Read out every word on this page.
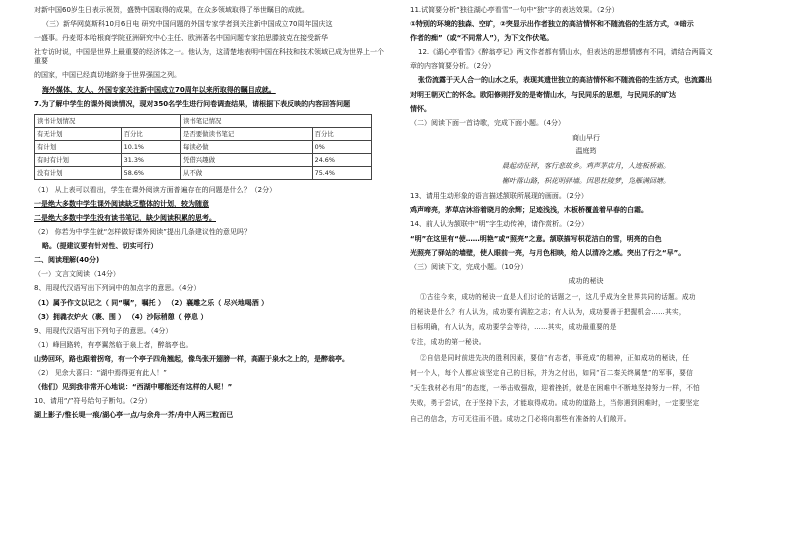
对新中国60岁生日表示祝贺，盛赞中国取得的成果，在众多领域取得了举世瞩目的成就。

（三）新华网莫斯科10月6日电 研究中国问题的外国专家学者到关注新中国成立70周年国庆这

一盛事。丹麦哥本哈根商学院亚洲研究中心主任、欧洲著名中国问题专家拍思滕波克在接受新华

社专访时说，中国是世界上最重要的经济体之一。他认为，这清楚地表明中国在科技和技术领域已成为世界上一个重要

的国家，中国已经真切地跻身于世界强国之列。

海外媒体、友人、外国专家关注新中国成立70周年以来所取得的瞩目成就。

7.为了解中学生的课外阅读情况，现对350名学生进行问卷调查结果，请根据下表反映的内容回答问题

读书计划情况		读书笔记情况	
有无计划	百分比	是否要做读书笔记	百分比
有计划	10.1%	每读必做	0%
有时有计划	31.3%	凭借兴趣做	24.6%
没有计划	58.6%	从不做	75.4%

（1） 从上表可以看出，学生在课外阅读方面普遍存在的问题是什么？（2分）

一是绝大多数中学生课外阅读缺乏整体的计划，较为随意

二是绝大多数中学生没有读书笔记，缺少阅读积累的思考。

（2） 你若为中学生就“怎样做好课外阅读”提出几条建议性的意见吗？

略。（提建议要有针对性、切实可行）

二、阅读理解(40分)

（一）文言文阅读（14分）

8、用现代汉语写出下列词中的加点字的意思。（4分）

（1）属予作文以记之（ 同“嘱”，嘱托 ） （2）襄雕之乐（ 尽兴地喝酒 ）

（3）拥毳衣炉火（裹、围 ） （4）沙际稍憩（ 停息 ）

9、用现代汉语写出下列句子的意思。（4分）

（1）峰回路转，有亭翼然临于泉上者，醉翁亭也。

山势回环，路也跟着拐弯，有一个亭子四角翘起，像鸟张开翅膀一样，高踞于泉水之上的，是醉翁亭。

（2） 见余大喜曰：“湖中焉得更有此人！”

（他们）见到我非常开心地说：“西湖中哪能还有这样的人呢！”

10、请用“/”符号给句子断句。（2分）

湖上影子/惟长堤一痕/湖心亭一点/与余舟一芥/舟中人两三粒而已

11.试简要分析“独往湖心亭看雪”一句中“独”字的表达效果。（2分）

①特别的环境的独森、空旷，②突显示出作者独立的高洁情怀和不随流俗的生活方式，③暗示

作者的痴”（或“不同常人”），为下文作伏笔。

12.《湖心亭看雪》《醉翁亭记》两文作者都有情山水，但表达的思想情感有不同，请结合两篇文

章的内容简要分析。（2分）

张岱流露于天人合一的山水之乐，表现其遗世独立的高洁情怀和不随流俗的生活方式，也流露出

对明王朝灭亡的怀念。欧阳修则抒发的是寄情山水，与民同乐的思想，与民同乐的旷达

情怀。

（二）阅读下面一首诗歌，完成下面小题。（4分）

商山早行

温庭筠

晨起动征铎，客行悲故乡。鸡声茅店月，人迹板桥霜。

槲叶落山路，枳花明驿墙。因思杜陵梦，凫雁满回塘。

13、请用生动形象的语言描述颔联所展现的画面。（2分）

鸡声啼亮，茅草店沐浴着晓月的余辉；足迹浅浅，木板桥覆盖着早春的白霜。

14、前人认为颔联中“明”字生动传神，请作赏析。（2分）

“明”在这里有“使……明艳”或“照亮”之意。颔联描写枳花洁白的雪，明亮的白色

光照亮了驿站的墙壁，使人眼前一亮，与月色相映，给人以清冷之感。突出了行之“早”。

（三）阅读下文，完成小题。（10分）

成功的秘诀

①古往今来，成功的秘诀一直是人们讨论的话题之一，这几乎成为全世界共同的话题。成功

的秘诀是什么？有人认为，成功要有满腔之志；有人认为，成功要善于把握机会……其实，

目标明确，有人认为，成功要学会等待，……其实，成功最重要的是

专注，成功的第一秘诀。

②自信是同时前进先决的胜利因素，要信“有志者，事竟成”的精神，正如成功的秘诀，任

何一个人，每个人都应该坚定自己的目标，并为之付出，如同“百二秦关终属楚”的军事，要信

“天生我材必有用”的态度，一举击败强敌，迎着挫折，就是在困难中不断地坚持努力一样，不怕

失败，勇于尝试，在于坚持下去，才能取得成功。成功的道路上，当你遇到困难时，一定要坚定

自己的信念，方可无往而不胜。成功之门必将向那些有准备的人们敞开。
